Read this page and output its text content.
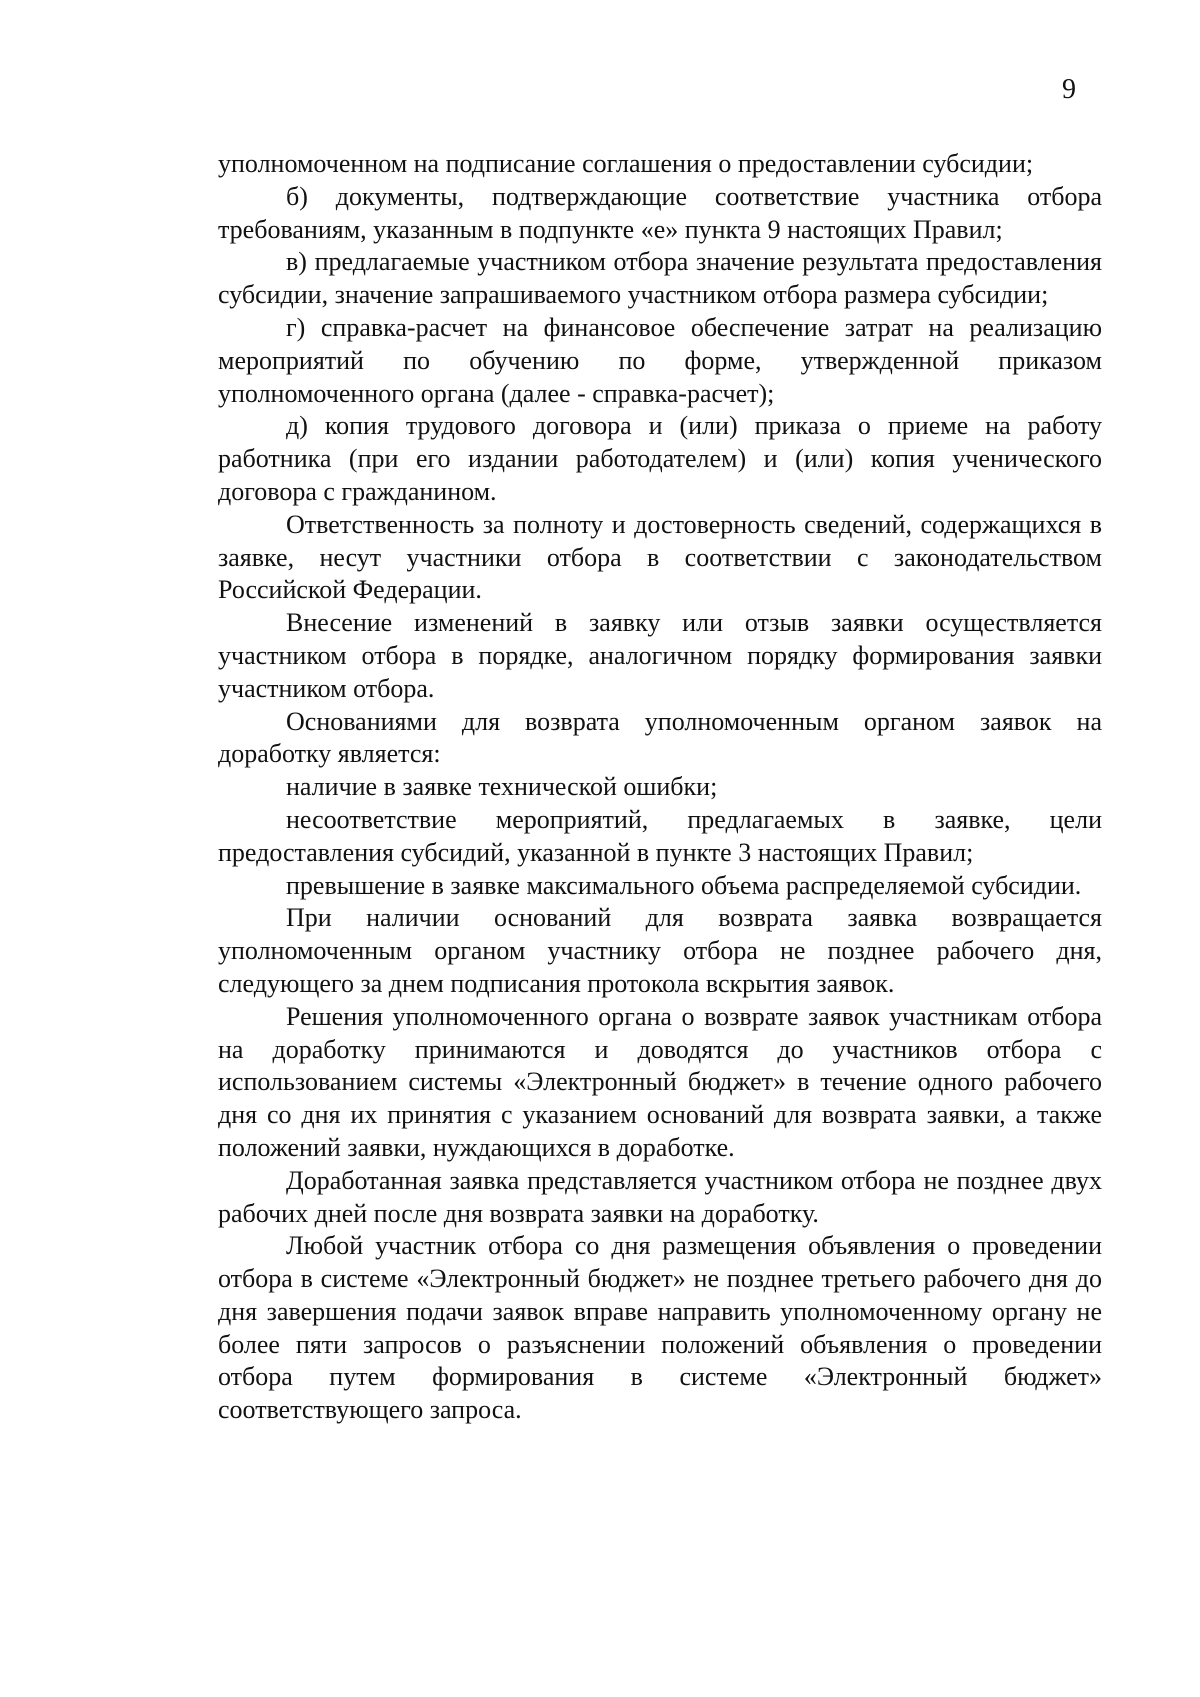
9

уполномоченном на подписание соглашения о предоставлении субсидии;

б) документы, подтверждающие соответствие участника отбора требованиям, указанным в подпункте «е» пункта 9 настоящих Правил;

в) предлагаемые участником отбора значение результата предоставления субсидии, значение запрашиваемого участником отбора размера субсидии;

г) справка-расчет на финансовое обеспечение затрат на реализацию мероприятий по обучению по форме, утвержденной приказом уполномоченного органа (далее - справка-расчет);

д) копия трудового договора и (или) приказа о приеме на работу работника (при его издании работодателем) и (или) копия ученического договора с гражданином.

Ответственность за полноту и достоверность сведений, содержащихся в заявке, несут участники отбора в соответствии с законодательством Российской Федерации.

Внесение изменений в заявку или отзыв заявки осуществляется участником отбора в порядке, аналогичном порядку формирования заявки участником отбора.

Основаниями для возврата уполномоченным органом заявок на доработку является:

наличие в заявке технической ошибки;

несоответствие мероприятий, предлагаемых в заявке, цели предоставления субсидий, указанной в пункте 3 настоящих Правил;

превышение в заявке максимального объема распределяемой субсидии.

При наличии оснований для возврата заявка возвращается уполномоченным органом участнику отбора не позднее рабочего дня, следующего за днем подписания протокола вскрытия заявок.

Решения уполномоченного органа о возврате заявок участникам отбора на доработку принимаются и доводятся до участников отбора с использованием системы «Электронный бюджет» в течение одного рабочего дня со дня их принятия с указанием оснований для возврата заявки, а также положений заявки, нуждающихся в доработке.

Доработанная заявка представляется участником отбора не позднее двух рабочих дней после дня возврата заявки на доработку.

Любой участник отбора со дня размещения объявления о проведении отбора в системе «Электронный бюджет» не позднее третьего рабочего дня до дня завершения подачи заявок вправе направить уполномоченному органу не более пяти запросов о разъяснении положений объявления о проведении отбора путем формирования в системе «Электронный бюджет» соответствующего запроса.
